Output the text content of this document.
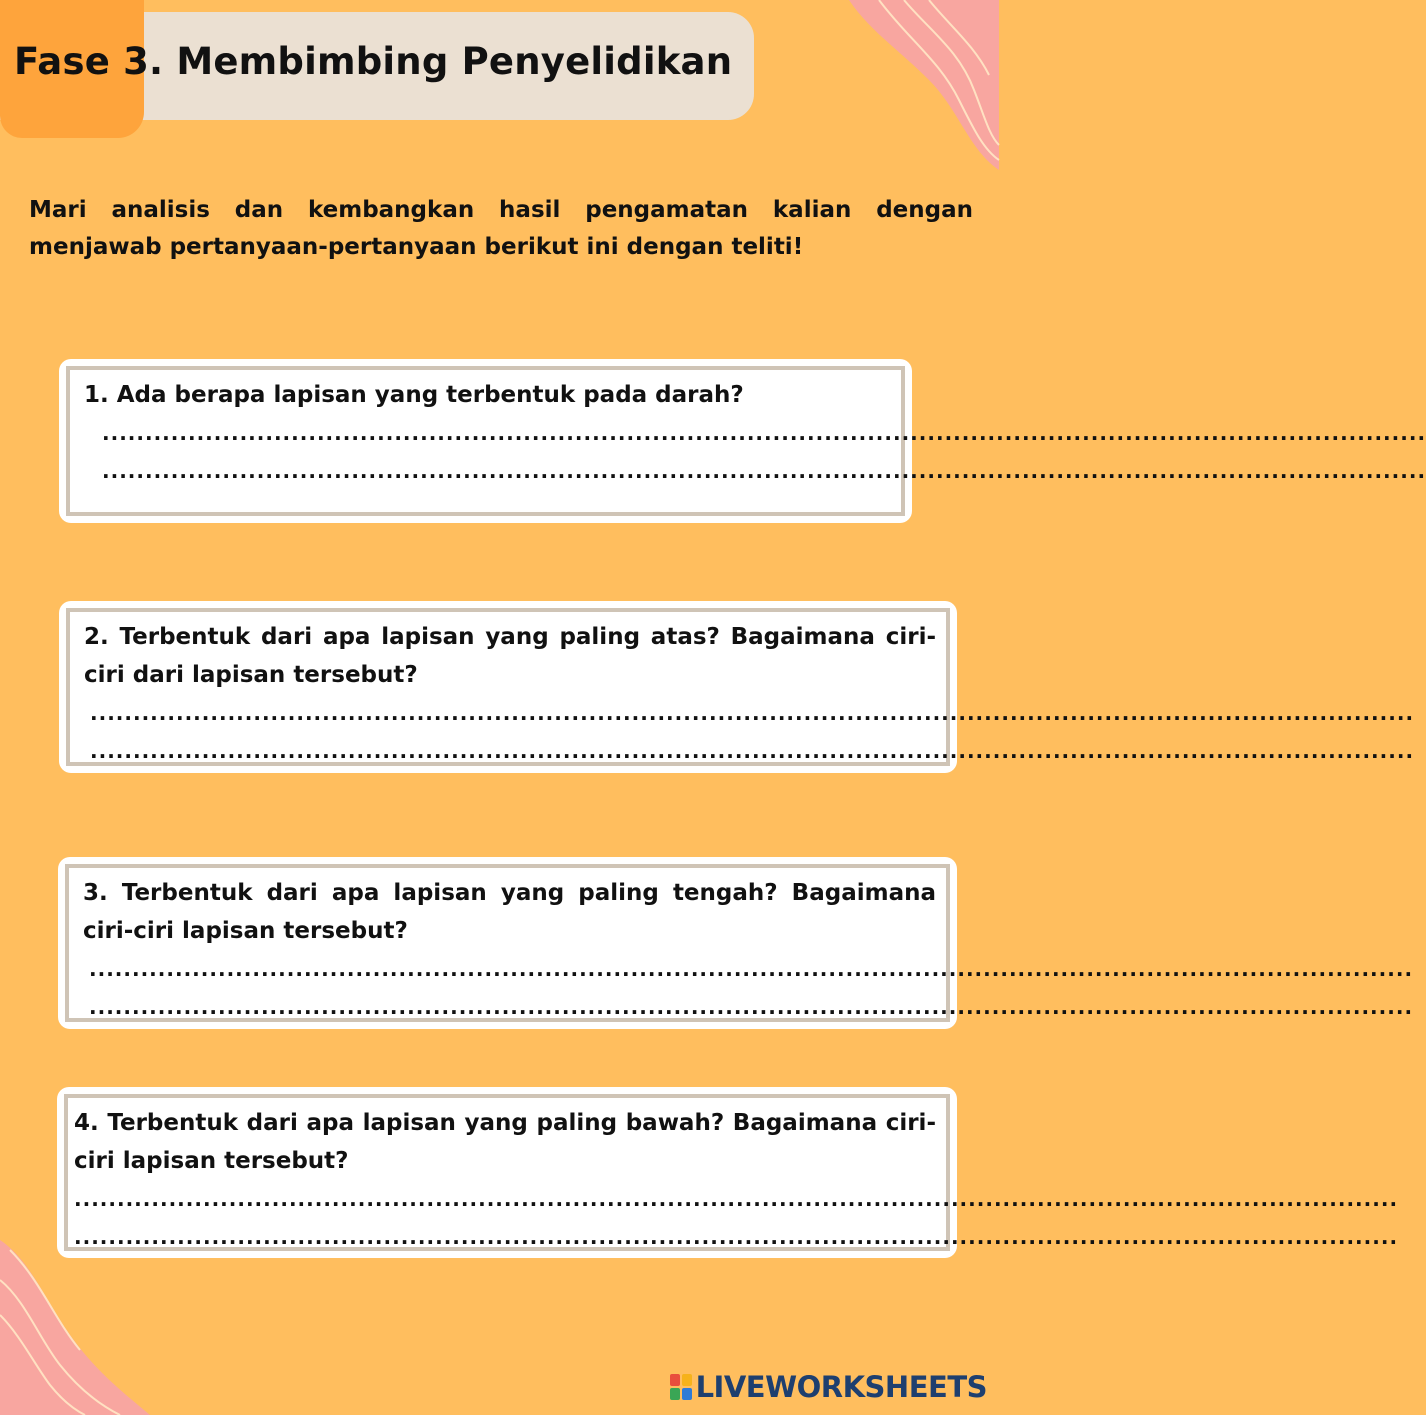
Fase 3. Membimbing Penyelidikan

Mari analisis dan kembangkan hasil pengamatan kalian dengan menjawab pertanyaan-pertanyaan berikut ini dengan teliti!

1. Ada berapa lapisan yang terbentuk pada darah?

..........................................................................................................................................................
..........................................................................................................................................................

2. Terbentuk dari apa lapisan yang paling atas? Bagaimana ciri-ciri dari lapisan tersebut?

..........................................................................................................................................................
..........................................................................................................................................................

3. Terbentuk dari apa lapisan yang paling tengah? Bagaimana ciri-ciri lapisan tersebut?

..........................................................................................................................................................
..........................................................................................................................................................

4. Terbentuk dari apa lapisan yang paling bawah? Bagaimana ciri-ciri lapisan tersebut?

..........................................................................................................................................................
..........................................................................................................................................................
LIVEWORKSHEETS
